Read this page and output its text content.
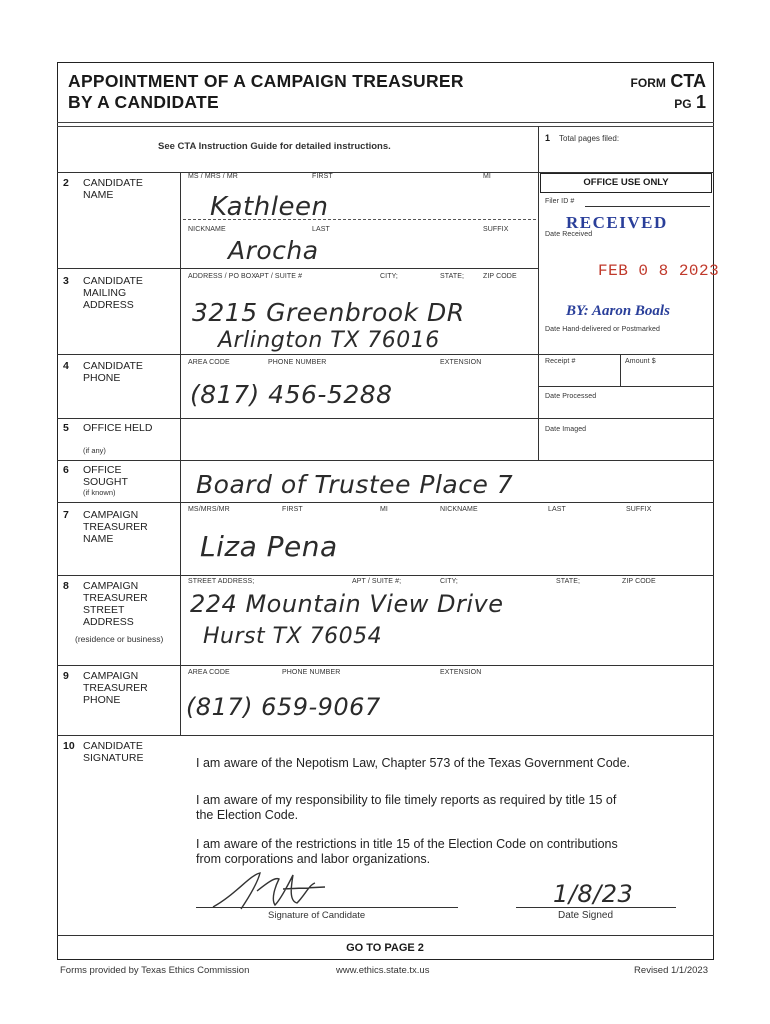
APPOINTMENT OF A CAMPAIGN TREASURER
BY A CANDIDATE
FORM CTA
PG 1
See CTA Instruction Guide for detailed instructions.
1 Total pages filed:
OFFICE USE ONLY
Filer ID #
RECEIVED
Date Received
FEB 0 8 2023
BY: Aaron Boals
Date Hand-delivered or Postmarked
Receipt #	Amount $
Date Processed
Date Imaged
2 CANDIDATE NAME
MS / MRS / MR	FIRST	MI
Kathleen
NICKNAME	LAST	SUFFIX
Arocha
3 CANDIDATE MAILING ADDRESS
ADDRESS / PO BOX
APT / SUITE #	CITY;	STATE;	ZIP CODE
3215 Greenbrook DR
Arlington TX 76016
4 CANDIDATE PHONE
AREA CODE	PHONE NUMBER	EXTENSION
(817) 456-5288
5 OFFICE HELD
(if any)
6 OFFICE SOUGHT
(if known)	Board of Trustee Place 7
7 CAMPAIGN TREASURER NAME
MS/MRS/MR	FIRST	MI	NICKNAME	LAST	SUFFIX
Liza Pena
8 CAMPAIGN TREASURER STREET ADDRESS
(residence or business)
STREET ADDRESS;	APT / SUITE #;	CITY;	STATE;	ZIP CODE
224 Mountain View Drive
Hurst TX 76054
9 CAMPAIGN TREASURER PHONE
AREA CODE	PHONE NUMBER	EXTENSION
(817) 659-9067
10 CANDIDATE SIGNATURE	I am aware of the Nepotism Law, Chapter 573 of the Texas Government Code.
I am aware of my responsibility to file timely reports as required by title 15 of
the Election Code.
I am aware of the restrictions in title 15 of the Election Code on contributions
from corporations and labor organizations.
Signature of Candidate
1/8/23
Date Signed
GO TO PAGE 2
Forms provided by Texas Ethics Commission	www.ethics.state.tx.us	Revised 1/1/2023
